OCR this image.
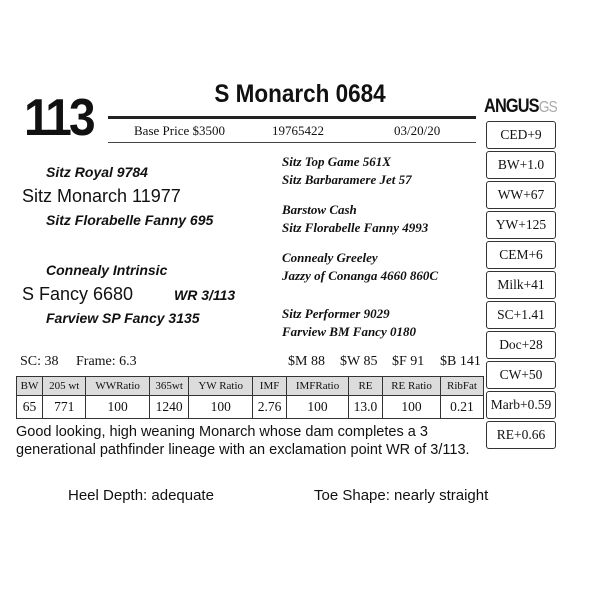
113	S Monarch 0684
Base Price $3500	19765422	03/20/20
ANGUSGS
CED+9
BW+1.0
WW+67
YW+125
CEM+6
Milk+41
SC+1.41
Doc+28
CW+50
Marb+0.59
RE+0.66
Sitz Royal 9784
Sitz Monarch 11977
Sitz Florabelle Fanny 695
Connealy Intrinsic
S Fancy 6680	WR 3/113
Farview SP Fancy 3135
Sitz Top Game 561X
Sitz Barbaramere Jet 57
Barstow Cash
Sitz Florabelle Fanny 4993
Connealy Greeley
Jazzy of Conanga 4660 860C
Sitz Performer 9029
Farview BM Fancy 0180
SC: 38 Frame: 6.3	$M 88 $W 85 $F 91 $B 141
BW	205 wt	WWRatio	365wt	YW Ratio	IMF	IMFRatio	RE	RE Ratio	RibFat
65	771	100	1240	100	2.76	100	13.0	100	0.21
Good looking, high weaning Monarch whose dam completes a 3 generational pathfinder lineage with an exclamation point WR of 3/113.
Heel Depth: adequate	Toe Shape: nearly straight
